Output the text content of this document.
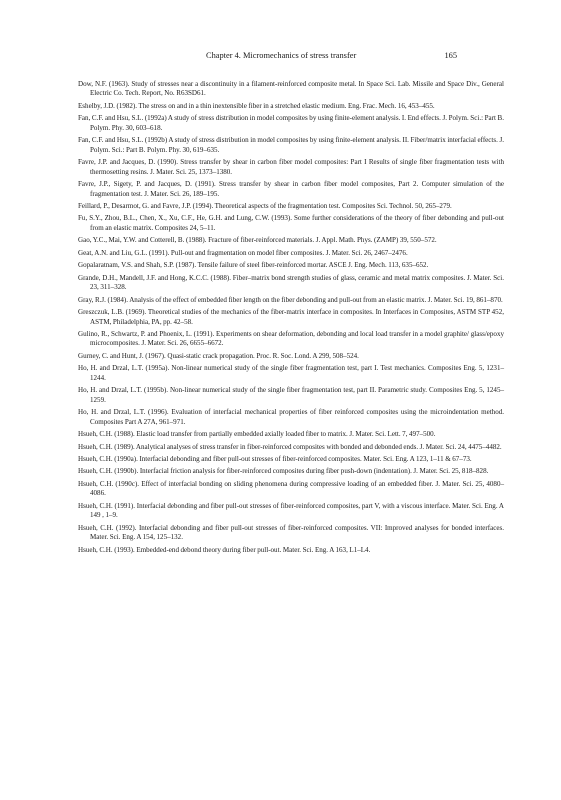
Chapter 4. Micromechanics of stress transfer	165
Dow, N.F. (1963). Study of stresses near a discontinuity in a filament-reinforced composite metal. In Space Sci. Lab. Missile and Space Div., General Electric Co. Tech. Report, No. R63SD61.
Eshelby, J.D. (1982). The stress on and in a thin inextensible fiber in a stretched elastic medium. Eng. Frac. Mech. 16, 453–455.
Fan, C.F. and Hsu, S.L. (1992a) A study of stress distribution in model composites by using finite-element analysis. I. End effects. J. Polym. Sci.: Part B. Polym. Phy. 30, 603–618.
Fan, C.F. and Hsu, S.L. (1992b) A study of stress distribution in model composites by using finite-element analysis. II. Fiber/matrix interfacial effects. J. Polym. Sci.: Part B. Polym. Phy. 30, 619–635.
Favre, J.P. and Jacques, D. (1990). Stress transfer by shear in carbon fiber model composites: Part I Results of single fiber fragmentation tests with thermosetting resins. J. Mater. Sci. 25, 1373–1380.
Favre, J.P., Sigety, P. and Jacques, D. (1991). Stress transfer by shear in carbon fiber model composites, Part 2. Computer simulation of the fragmentation test. J. Mater. Sci. 26, 189–195.
Feillard, P., Desarmot, G. and Favre, J.P. (1994). Theoretical aspects of the fragmentation test. Composites Sci. Technol. 50, 265–279.
Fu, S.Y., Zhou, B.L., Chen, X., Xu, C.F., He, G.H. and Lung, C.W. (1993). Some further considerations of the theory of fiber debonding and pull-out from an elastic matrix. Composites 24, 5–11.
Gao, Y.C., Mai, Y.W. and Cotterell, B. (1988). Fracture of fiber-reinforced materials. J. Appl. Math. Phys. (ZAMP) 39, 550–572.
Geat, A.N. and Liu, G.L. (1991). Pull-out and fragmentation on model fiber composites. J. Mater. Sci. 26, 2467–2476.
Gopalaratnam, V.S. and Shah, S.P. (1987). Tensile failure of steel fiber-reinforced mortar. ASCE J. Eng. Mech. 113, 635–652.
Grande, D.H., Mandell, J.F. and Hong, K.C.C. (1988). Fiber–matrix bond strength studies of glass, ceramic and metal matrix composites. J. Mater. Sci. 23, 311–328.
Gray, R.J. (1984). Analysis of the effect of embedded fiber length on the fiber debonding and pull-out from an elastic matrix. J. Mater. Sci. 19, 861–870.
Greszczuk, L.B. (1969). Theoretical studies of the mechanics of the fiber-matrix interface in composites. In Interfaces in Composites, ASTM STP 452, ASTM, Philadelphia, PA, pp. 42–58.
Gulino, R., Schwartz, P. and Phoenix, L. (1991). Experiments on shear deformation, debonding and local load transfer in a model graphite/ glass/epoxy microcomposites. J. Mater. Sci. 26, 6655–6672.
Gurney, C. and Hunt, J. (1967). Quasi-static crack propagation. Proc. R. Soc. Lond. A 299, 508–524.
Ho, H. and Drzal, L.T. (1995a). Non-linear numerical study of the single fiber fragmentation test, part I. Test mechanics. Composites Eng. 5, 1231–1244.
Ho, H. and Drzal, L.T. (1995b). Non-linear numerical study of the single fiber fragmentation test, part II. Parametric study. Composites Eng. 5, 1245–1259.
Ho, H. and Drzal, L.T. (1996). Evaluation of interfacial mechanical properties of fiber reinforced composites using the microindentation method. Composites Part A 27A, 961–971.
Hsueh, C.H. (1988). Elastic load transfer from partially embedded axially loaded fiber to matrix. J. Mater. Sci. Lett. 7, 497–500.
Hsueh, C.H. (1989). Analytical analyses of stress transfer in fiber-reinforced composites with bonded and debonded ends. J. Mater. Sci. 24, 4475–4482.
Hsueh, C.H. (1990a). Interfacial debonding and fiber pull-out stresses of fiber-reinforced composites. Mater. Sci. Eng. A 123, 1–11 & 67–73.
Hsueh, C.H. (1990b). Interfacial friction analysis for fiber-reinforced composites during fiber push-down (indentation). J. Mater. Sci. 25, 818–828.
Hsueh, C.H. (1990c). Effect of interfacial bonding on sliding phenomena during compressive loading of an embedded fiber. J. Mater. Sci. 25, 4080–4086.
Hsueh, C.H. (1991). Interfacial debonding and fiber pull-out stresses of fiber-reinforced composites, part V, with a viscous interface. Mater. Sci. Eng. A 149 , 1–9.
Hsueh, C.H. (1992). Interfacial debonding and fiber pull-out stresses of fiber-reinforced composites. VII: Improved analyses for bonded interfaces. Mater. Sci. Eng. A 154, 125–132.
Hsueh, C.H. (1993). Embedded-end debond theory during fiber pull-out. Mater. Sci. Eng. A 163, L1–L4.
